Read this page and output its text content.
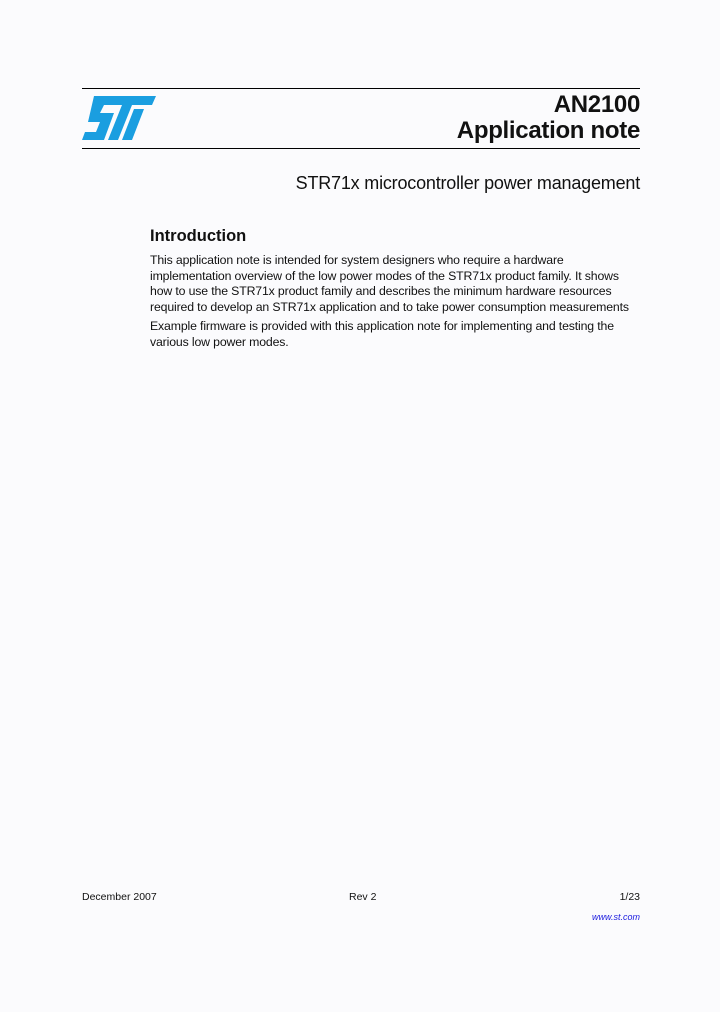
AN2100
Application note
STR71x microcontroller power management
Introduction
This application note is intended for system designers who require a hardware
implementation overview of the low power modes of the STR71x product family. It shows
how to use the STR71x product family and describes the minimum hardware resources
required to develop an STR71x application and to take power consumption measurements
Example firmware is provided with this application note for implementing and testing the
various low power modes.
December 2007	Rev 2	1/23
www.st.com
